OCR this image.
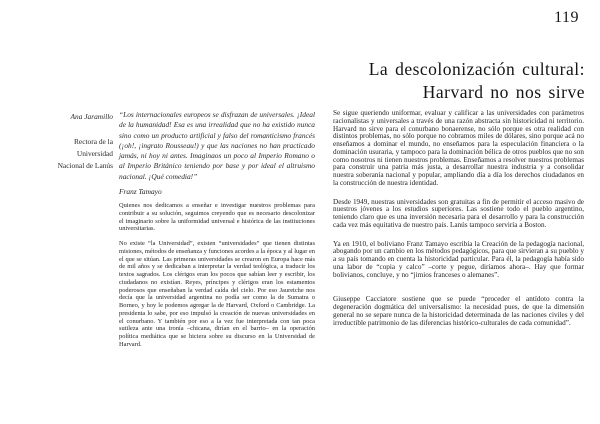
119
La descolonización cultural:
Harvard no nos sirve
Ana Jaramillo
Rectora de la
Universidad
Nacional de Lanús

“Los internacionales europeos se disfrazan de universales. ¡Ideal de la humanidad! Esa es una irrealidad que no ha existido nunca sino como un producto artificial y falso del romanticismo francés (¡oh!, ¡ingrato Rousseau!) y que las naciones no han practicado jamás, ni hoy ni antes. Imaginaos un poco al Imperio Romano o al Imperio Británico teniendo por base y por ideal el altruismo nacional. ¡Qué comedia!”

Franz Tamayo

Quienes nos dedicamos a enseñar e investigar nuestros problemas para contribuir a su solución, seguimos creyendo que es necesario descolonizar el imaginario sobre la uniformidad universal e histórica de las instituciones universitarias.

No existe “la Universidad”, existen “universidades” que tienen distintas misiones, métodos de enseñanza y funciones acordes a la época y al lugar en el que se sitúan. Las primeras universidades se crearon en Europa hace más de mil años y se dedicaban a interpretar la verdad teológica, a traducir los textos sagrados. Los clérigos eran los pocos que sabían leer y escribir, los ciudadanos no existían. Reyes, príncipes y clérigos eran los estamentos poderosos que enseñaban la verdad caída del cielo. Por eso Jauretche nos decía que la universidad argentina no podía ser como la de Sumatra o Borneo, y hoy le podemos agregar la de Harvard, Oxford o Cambridge. La presidenta lo sabe, por eso impulsó la creación de nuevas universidades en el conurbano. Y también por eso a la vez fue interpretada con tan poca sutileza ante una ironía –chicana, dirían en el barrio– en la operación política mediática que se hiciera sobre su discurso en la Universidad de Harvard.

Se sigue queriendo uniformar, evaluar y calificar a las universidades con parámetros racionalistas y universales a través de una razón abstracta sin historicidad ni territorio. Harvard no sirve para el conurbano bonaerense, no sólo porque es otra realidad con distintos problemas, no sólo porque no cobramos miles de dólares, sino porque acá no enseñamos a dominar el mundo, no enseñamos para la especulación financiera o la dominación usuraria, y tampoco para la dominación bélica de otros pueblos que no son como nosotros ni tienen nuestros problemas. Enseñamos a resolver nuestros problemas para construir una patria más justa, a desarrollar nuestra industria y a consolidar nuestra soberanía nacional y popular, ampliando día a día los derechos ciudadanos en la construcción de nuestra identidad.

Desde 1949, nuestras universidades son gratuitas a fin de permitir el acceso masivo de nuestros jóvenes a los estudios superiores. Las sostiene todo el pueblo argentino, teniendo claro que es una inversión necesaria para el desarrollo y para la construcción cada vez más equitativa de nuestro país. Lanús tampoco serviría a Boston.

Ya en 1910, el boliviano Franz Tamayo escribía la Creación de la pedagogía nacional, abogando por un cambio en los métodos pedagógicos, para que sirvieran a su pueblo y a su país tomando en cuenta la historicidad particular. Para él, la pedagogía había sido una labor de “copia y calco” –corte y pegue, diríamos ahora–. Hay que formar bolivianos, concluye, y no “jimios franceses o alemanes”.

Giuseppe Cacciatore sostiene que se puede “proceder el antídoto contra la degeneración dogmática del universalismo: la necesidad pues, de que la dimensión general no se separe nunca de la historicidad determinada de las naciones civiles y del irreductible patrimonio de las diferencias histórico-culturales de cada comunidad”.
